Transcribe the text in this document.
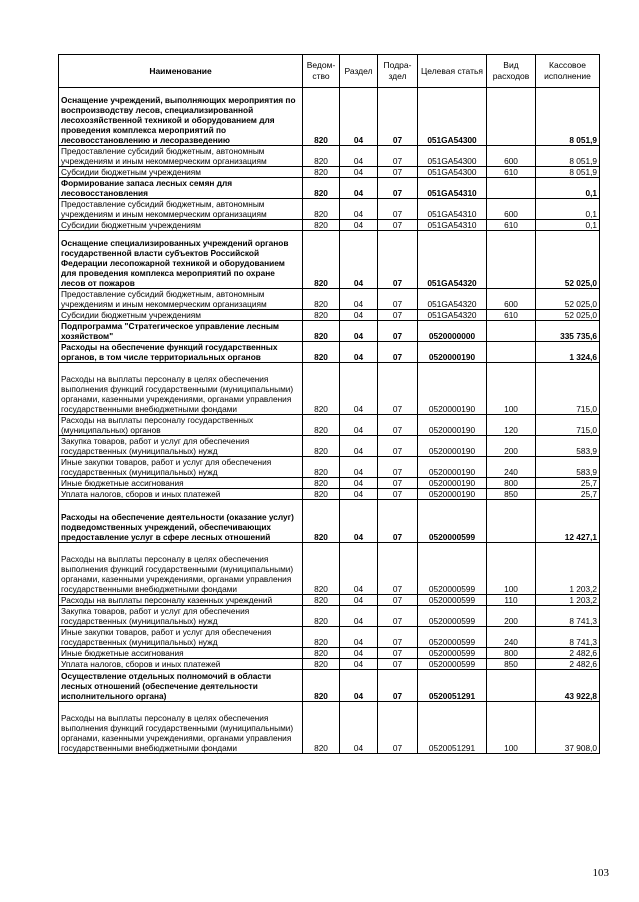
Наименование	Ведом-ство	Раздел	Подра-здел	Целевая статья	Вид расходов	Кассовое исполнение
Оснащение учреждений, выполняющих мероприятия по воспроизводству лесов, специализированной лесохозяйственной техникой и оборудованием для проведения комплекса мероприятий по лесовосстановлению и лесоразведению	820	04	07	051GA54300		8 051,9
Предоставление субсидий бюджетным, автономным учреждениям и иным некоммерческим организациям	820	04	07	051GA54300	600	8 051,9
Субсидии бюджетным учреждениям	820	04	07	051GA54300	610	8 051,9
Формирование запаса лесных семян для лесовосстановления	820	04	07	051GA54310		0,1
Предоставление субсидий бюджетным, автономным учреждениям и иным некоммерческим организациям	820	04	07	051GA54310	600	0,1
Субсидии бюджетным учреждениям	820	04	07	051GA54310	610	0,1
Оснащение специализированных учреждений органов государственной власти субъектов Российской Федерации лесопожарной техникой и оборудованием для проведения комплекса мероприятий по охране лесов от пожаров	820	04	07	051GA54320		52 025,0
Предоставление субсидий бюджетным, автономным учреждениям и иным некоммерческим организациям	820	04	07	051GA54320	600	52 025,0
Субсидии бюджетным учреждениям	820	04	07	051GA54320	610	52 025,0
Подпрограмма "Стратегическое управление лесным хозяйством"	820	04	07	0520000000		335 735,6
Расходы на обеспечение функций государственных органов, в том числе территориальных органов	820	04	07	0520000190		1 324,6
Расходы на выплаты персоналу в целях обеспечения выполнения функций государственными (муниципальными) органами, казенными учреждениями, органами управления государственными внебюджетными фондами	820	04	07	0520000190	100	715,0
Расходы на выплаты персоналу государственных (муниципальных) органов	820	04	07	0520000190	120	715,0
Закупка товаров, работ и услуг для обеспечения государственных (муниципальных) нужд	820	04	07	0520000190	200	583,9
Иные закупки товаров, работ и услуг для обеспечения государственных (муниципальных) нужд	820	04	07	0520000190	240	583,9
Иные бюджетные ассигнования	820	04	07	0520000190	800	25,7
Уплата налогов, сборов и иных платежей	820	04	07	0520000190	850	25,7
Расходы на обеспечение деятельности (оказание услуг) подведомственных учреждений, обеспечивающих предоставление услуг в сфере лесных отношений	820	04	07	0520000599		12 427,1
Расходы на выплаты персоналу в целях обеспечения выполнения функций государственными (муниципальными) органами, казенными учреждениями, органами управления государственными внебюджетными фондами	820	04	07	0520000599	100	1 203,2
Расходы на выплаты персоналу казенных учреждений	820	04	07	0520000599	110	1 203,2
Закупка товаров, работ и услуг для обеспечения государственных (муниципальных) нужд	820	04	07	0520000599	200	8 741,3
Иные закупки товаров, работ и услуг для обеспечения государственных (муниципальных) нужд	820	04	07	0520000599	240	8 741,3
Иные бюджетные ассигнования	820	04	07	0520000599	800	2 482,6
Уплата налогов, сборов и иных платежей	820	04	07	0520000599	850	2 482,6
Осуществление отдельных полномочий в области лесных отношений (обеспечение деятельности исполнительного органа)	820	04	07	0520051291		43 922,8
Расходы на выплаты персоналу в целях обеспечения выполнения функций государственными (муниципальными) органами, казенными учреждениями, органами управления государственными внебюджетными фондами	820	04	07	0520051291	100	37 908,0
103
